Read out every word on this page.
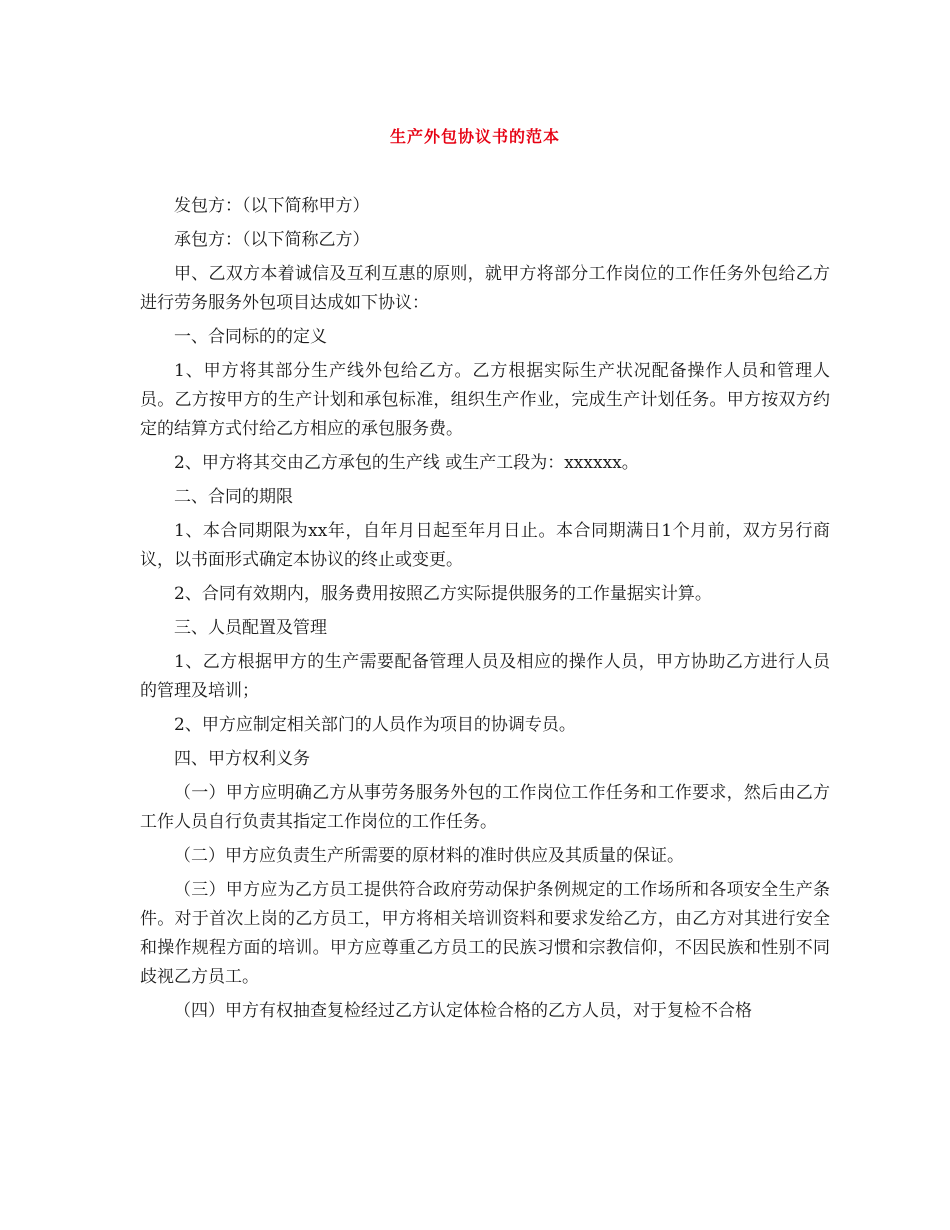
生产外包协议书的范本

发包方：（以下简称甲方）

承包方：（以下简称乙方）

甲、乙双方本着诚信及互利互惠的原则，就甲方将部分工作岗位的工作任务外包给乙方进行劳务服务外包项目达成如下协议：

一、合同标的的定义

1、甲方将其部分生产线外包给乙方。乙方根据实际生产状况配备操作人员和管理人员。乙方按甲方的生产计划和承包标准，组织生产作业，完成生产计划任务。甲方按双方约定的结算方式付给乙方相应的承包服务费。

2、甲方将其交由乙方承包的生产线 或生产工段为：xxxxxx。

二、合同的期限

1、本合同期限为xx年，自年月日起至年月日止。本合同期满日1个月前，双方另行商议，以书面形式确定本协议的终止或变更。

2、合同有效期内，服务费用按照乙方实际提供服务的工作量据实计算。

三、人员配置及管理

1、乙方根据甲方的生产需要配备管理人员及相应的操作人员，甲方协助乙方进行人员的管理及培训；

2、甲方应制定相关部门的人员作为项目的协调专员。

四、甲方权利义务

（一）甲方应明确乙方从事劳务服务外包的工作岗位工作任务和工作要求，然后由乙方工作人员自行负责其指定工作岗位的工作任务。

（二）甲方应负责生产所需要的原材料的准时供应及其质量的保证。

（三）甲方应为乙方员工提供符合政府劳动保护条例规定的工作场所和各项安全生产条件。对于首次上岗的乙方员工，甲方将相关培训资料和要求发给乙方，由乙方对其进行安全和操作规程方面的培训。甲方应尊重乙方员工的民族习惯和宗教信仰，不因民族和性别不同歧视乙方员工。

（四）甲方有权抽查复检经过乙方认定体检合格的乙方人员，对于复检不合格
